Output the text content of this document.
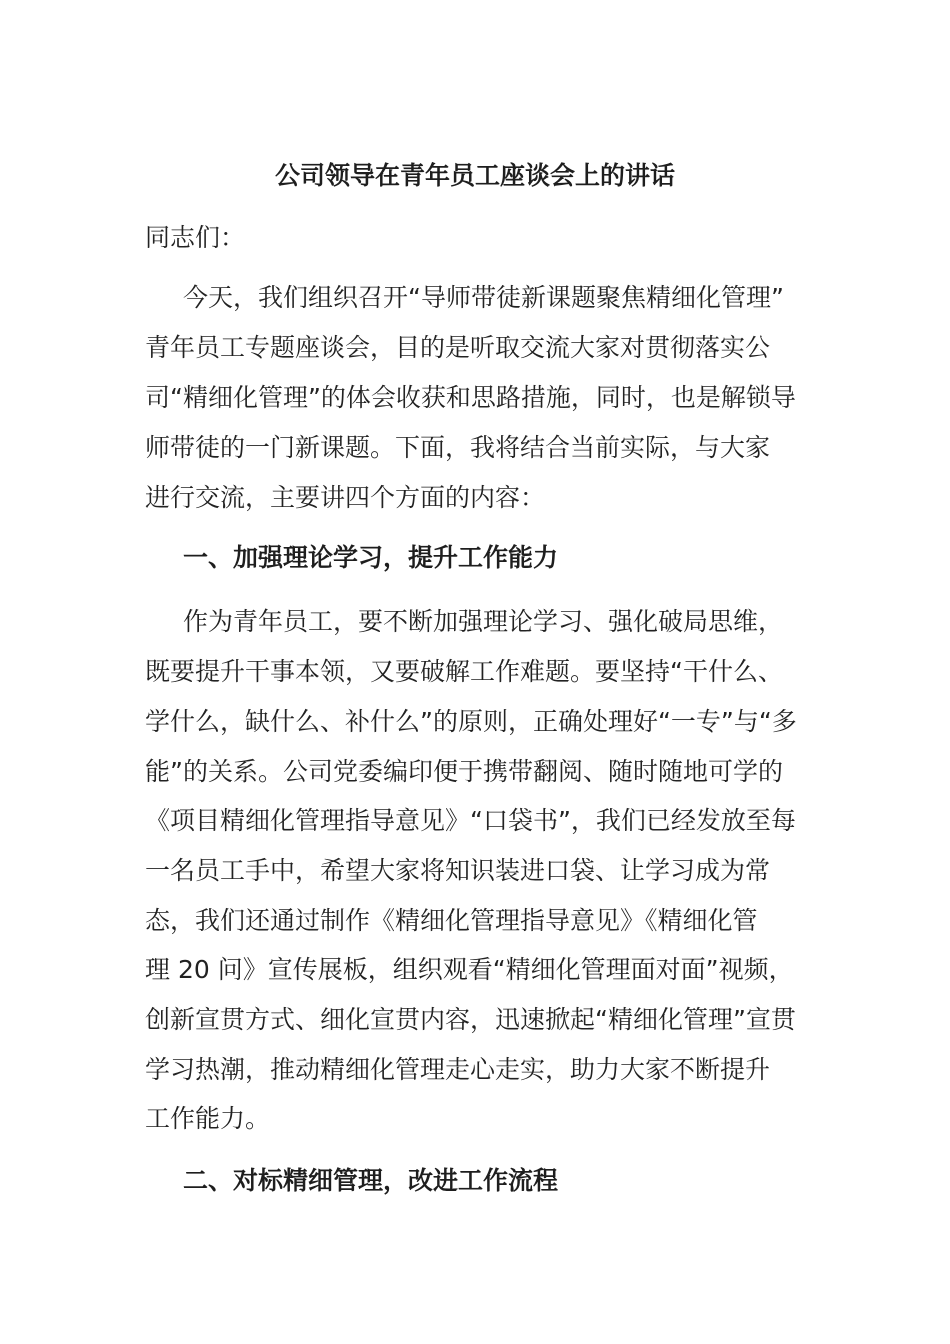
公司领导在青年员工座谈会上的讲话
同志们：
今天，我们组织召开“导师带徒新课题聚焦精细化管理”
青年员工专题座谈会，目的是听取交流大家对贯彻落实公
司“精细化管理”的体会收获和思路措施，同时，也是解锁导
师带徒的一门新课题。下面，我将结合当前实际，与大家
进行交流，主要讲四个方面的内容：
一、加强理论学习，提升工作能力
作为青年员工，要不断加强理论学习、强化破局思维，
既要提升干事本领，又要破解工作难题。要坚持“干什么、
学什么，缺什么、补什么”的原则，正确处理好“一专”与“多
能”的关系。公司党委编印便于携带翻阅、随时随地可学的
《项目精细化管理指导意见》“口袋书”，我们已经发放至每
一名员工手中，希望大家将知识装进口袋、让学习成为常
态，我们还通过制作《精细化管理指导意见》《精细化管
理 20 问》宣传展板，组织观看“精细化管理面对面”视频，
创新宣贯方式、细化宣贯内容，迅速掀起“精细化管理”宣贯
学习热潮，推动精细化管理走心走实，助力大家不断提升
工作能力。
二、对标精细管理，改进工作流程
